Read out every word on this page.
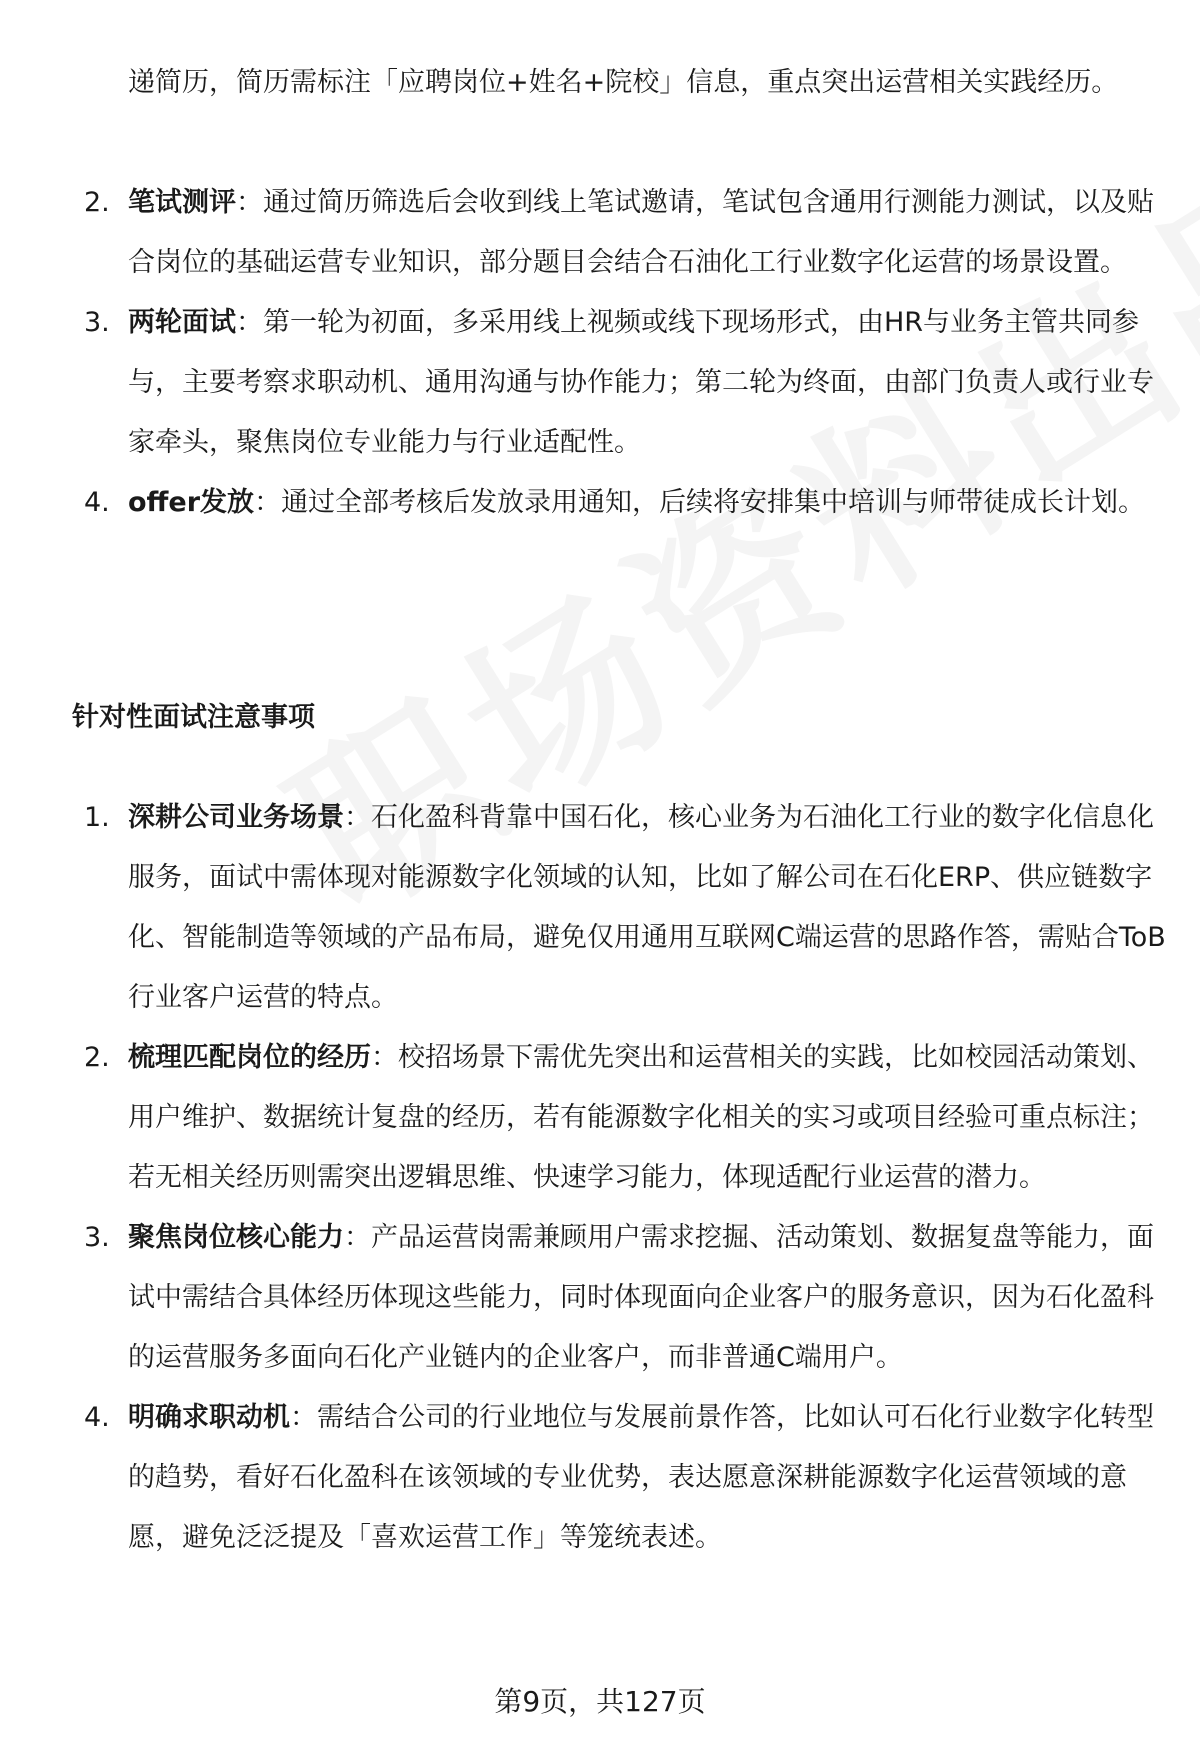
递简历，简历需标注「应聘岗位+姓名+院校」信息，重点突出运营相关实践经历。
2. 笔试测评：通过简历筛选后会收到线上笔试邀请，笔试包含通用行测能力测试，以及贴合岗位的基础运营专业知识，部分题目会结合石油化工行业数字化运营的场景设置。
3. 两轮面试：第一轮为初面，多采用线上视频或线下现场形式，由HR与业务主管共同参与，主要考察求职动机、通用沟通与协作能力；第二轮为终面，由部门负责人或行业专家牵头，聚焦岗位专业能力与行业适配性。
4. offer发放：通过全部考核后发放录用通知，后续将安排集中培训与师带徒成长计划。
针对性面试注意事项
1. 深耕公司业务场景：石化盈科背靠中国石化，核心业务为石油化工行业的数字化信息化服务，面试中需体现对能源数字化领域的认知，比如了解公司在石化ERP、供应链数字化、智能制造等领域的产品布局，避免仅用通用互联网C端运营的思路作答，需贴合ToB行业客户运营的特点。
2. 梳理匹配岗位的经历：校招场景下需优先突出和运营相关的实践，比如校园活动策划、用户维护、数据统计复盘的经历，若有能源数字化相关的实习或项目经验可重点标注；若无相关经历则需突出逻辑思维、快速学习能力，体现适配行业运营的潜力。
3. 聚焦岗位核心能力：产品运营岗需兼顾用户需求挖掘、活动策划、数据复盘等能力，面试中需结合具体经历体现这些能力，同时体现面向企业客户的服务意识，因为石化盈科的运营服务多面向石化产业链内的企业客户，而非普通C端用户。
4. 明确求职动机：需结合公司的行业地位与发展前景作答，比如认可石化行业数字化转型的趋势，看好石化盈科在该领域的专业优势，表达愿意深耕能源数字化运营领域的意愿，避免泛泛提及「喜欢运营工作」等笼统表述。
第9页，共127页
